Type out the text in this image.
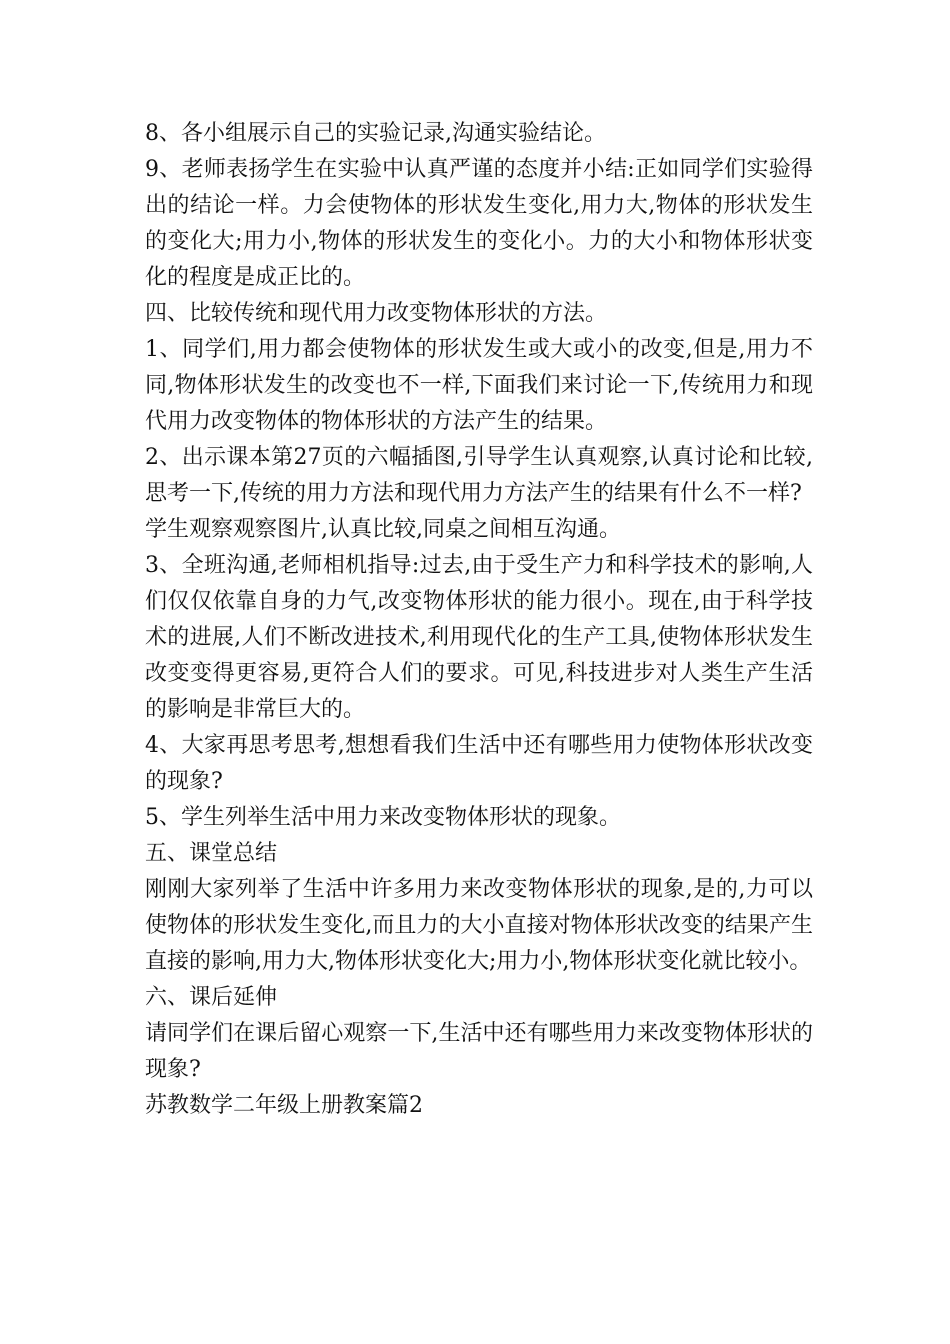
8、各小组展示自己的实验记录,沟通实验结论。

9、老师表扬学生在实验中认真严谨的态度并小结:正如同学们实验得出的结论一样。力会使物体的形状发生变化,用力大,物体的形状发生的变化大;用力小,物体的形状发生的变化小。力的大小和物体形状变化的程度是成正比的。

四、比较传统和现代用力改变物体形状的方法。

1、同学们,用力都会使物体的形状发生或大或小的改变,但是,用力不同,物体形状发生的改变也不一样,下面我们来讨论一下,传统用力和现代用力改变物体的物体形状的方法产生的结果。

2、出示课本第27页的六幅插图,引导学生认真观察,认真讨论和比较,思考一下,传统的用力方法和现代用力方法产生的结果有什么不一样?

学生观察观察图片,认真比较,同桌之间相互沟通。

3、全班沟通,老师相机指导:过去,由于受生产力和科学技术的影响,人们仅仅依靠自身的力气,改变物体形状的能力很小。现在,由于科学技术的进展,人们不断改进技术,利用现代化的生产工具,使物体形状发生改变变得更容易,更符合人们的要求。可见,科技进步对人类生产生活的影响是非常巨大的。

4、大家再思考思考,想想看我们生活中还有哪些用力使物体形状改变的现象?

5、学生列举生活中用力来改变物体形状的现象。

五、课堂总结

刚刚大家列举了生活中许多用力来改变物体形状的现象,是的,力可以使物体的形状发生变化,而且力的大小直接对物体形状改变的结果产生直接的影响,用力大,物体形状变化大;用力小,物体形状变化就比较小。

六、课后延伸

请同学们在课后留心观察一下,生活中还有哪些用力来改变物体形状的现象?

苏教数学二年级上册教案篇2
